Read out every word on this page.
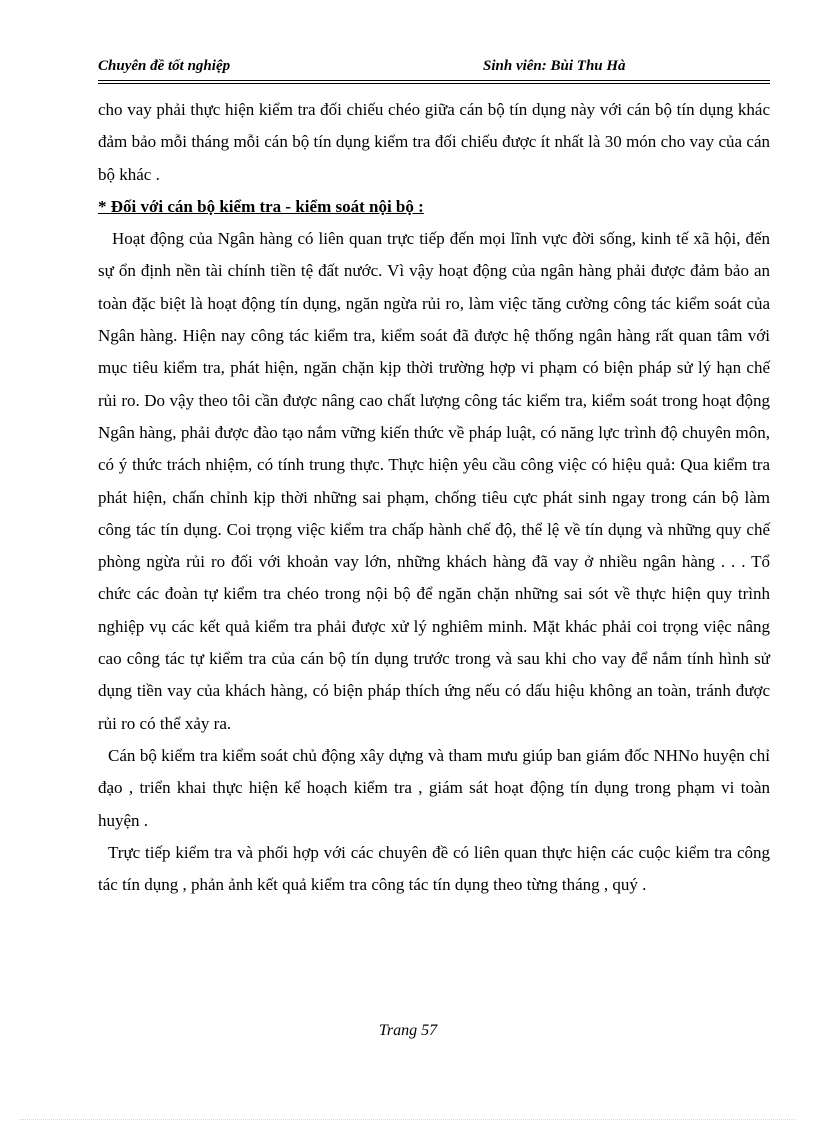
Chuyên đề tốt nghiệp	Sinh viên: Bùi Thu Hà

cho vay phải thực hiện kiểm tra đối chiếu chéo giữa cán bộ tín dụng này với cán bộ tín dụng khác đảm bảo mỗi tháng mỗi cán bộ tín dụng kiểm tra đối chiếu được ít nhất là 30 món cho vay của cán bộ khác .

* Đối với cán bộ kiểm tra - kiểm soát nội bộ :

Hoạt động của Ngân hàng có liên quan trực tiếp đến mọi lĩnh vực đời sống, kinh tế xã hội, đến sự ổn định nền tài chính tiền tệ đất nước. Vì vậy hoạt động của ngân hàng phải được đảm bảo an toàn đặc biệt là hoạt động tín dụng, ngăn ngừa rủi ro, làm việc tăng cường công tác kiểm soát của Ngân hàng. Hiện nay công tác kiểm tra, kiểm soát đã được hệ thống ngân hàng rất quan tâm với mục tiêu kiểm tra, phát hiện, ngăn chặn kịp thời trường hợp vi phạm có biện pháp sử lý hạn chế rủi ro. Do vậy theo tôi cần được nâng cao chất lượng công tác kiểm tra, kiểm soát trong hoạt động Ngân hàng, phải được đào tạo nắm vững kiến thức về pháp luật, có năng lực trình độ chuyên môn, có ý thức trách nhiệm, có tính trung thực. Thực hiện yêu cầu công việc có hiệu quả: Qua kiểm tra phát hiện, chấn chỉnh kịp thời những sai phạm, chống tiêu cực phát sinh ngay trong cán bộ làm công tác tín dụng. Coi trọng việc kiểm tra chấp hành chế độ, thể lệ về tín dụng và những quy chế phòng ngừa rủi ro đối với khoản vay lớn, những khách hàng đã vay ở nhiều ngân hàng . . . Tổ chức các đoàn tự kiểm tra chéo trong nội bộ để ngăn chặn những sai sót về thực hiện quy trình nghiệp vụ các kết quả kiểm tra phải được xử lý nghiêm minh. Mặt khác phải coi trọng việc nâng cao công tác tự kiểm tra của cán bộ tín dụng trước trong và sau khi cho vay để nắm tính hình sử dụng tiền vay của khách hàng, có biện pháp thích ứng nếu có dấu hiệu không an toàn, tránh được rủi ro có thể xảy ra.

Cán bộ kiểm tra kiểm soát chủ động xây dựng và tham mưu giúp ban giám đốc NHNo huyện chỉ đạo , triển khai thực hiện kế hoạch kiểm tra , giám sát hoạt động tín dụng trong phạm vi toàn huyện .

Trực tiếp kiểm tra và phối hợp với các chuyên đề có liên quan thực hiện các cuộc kiểm tra công tác tín dụng , phản ảnh kết quả kiểm tra công tác tín dụng theo từng tháng , quý .

Trang 57
